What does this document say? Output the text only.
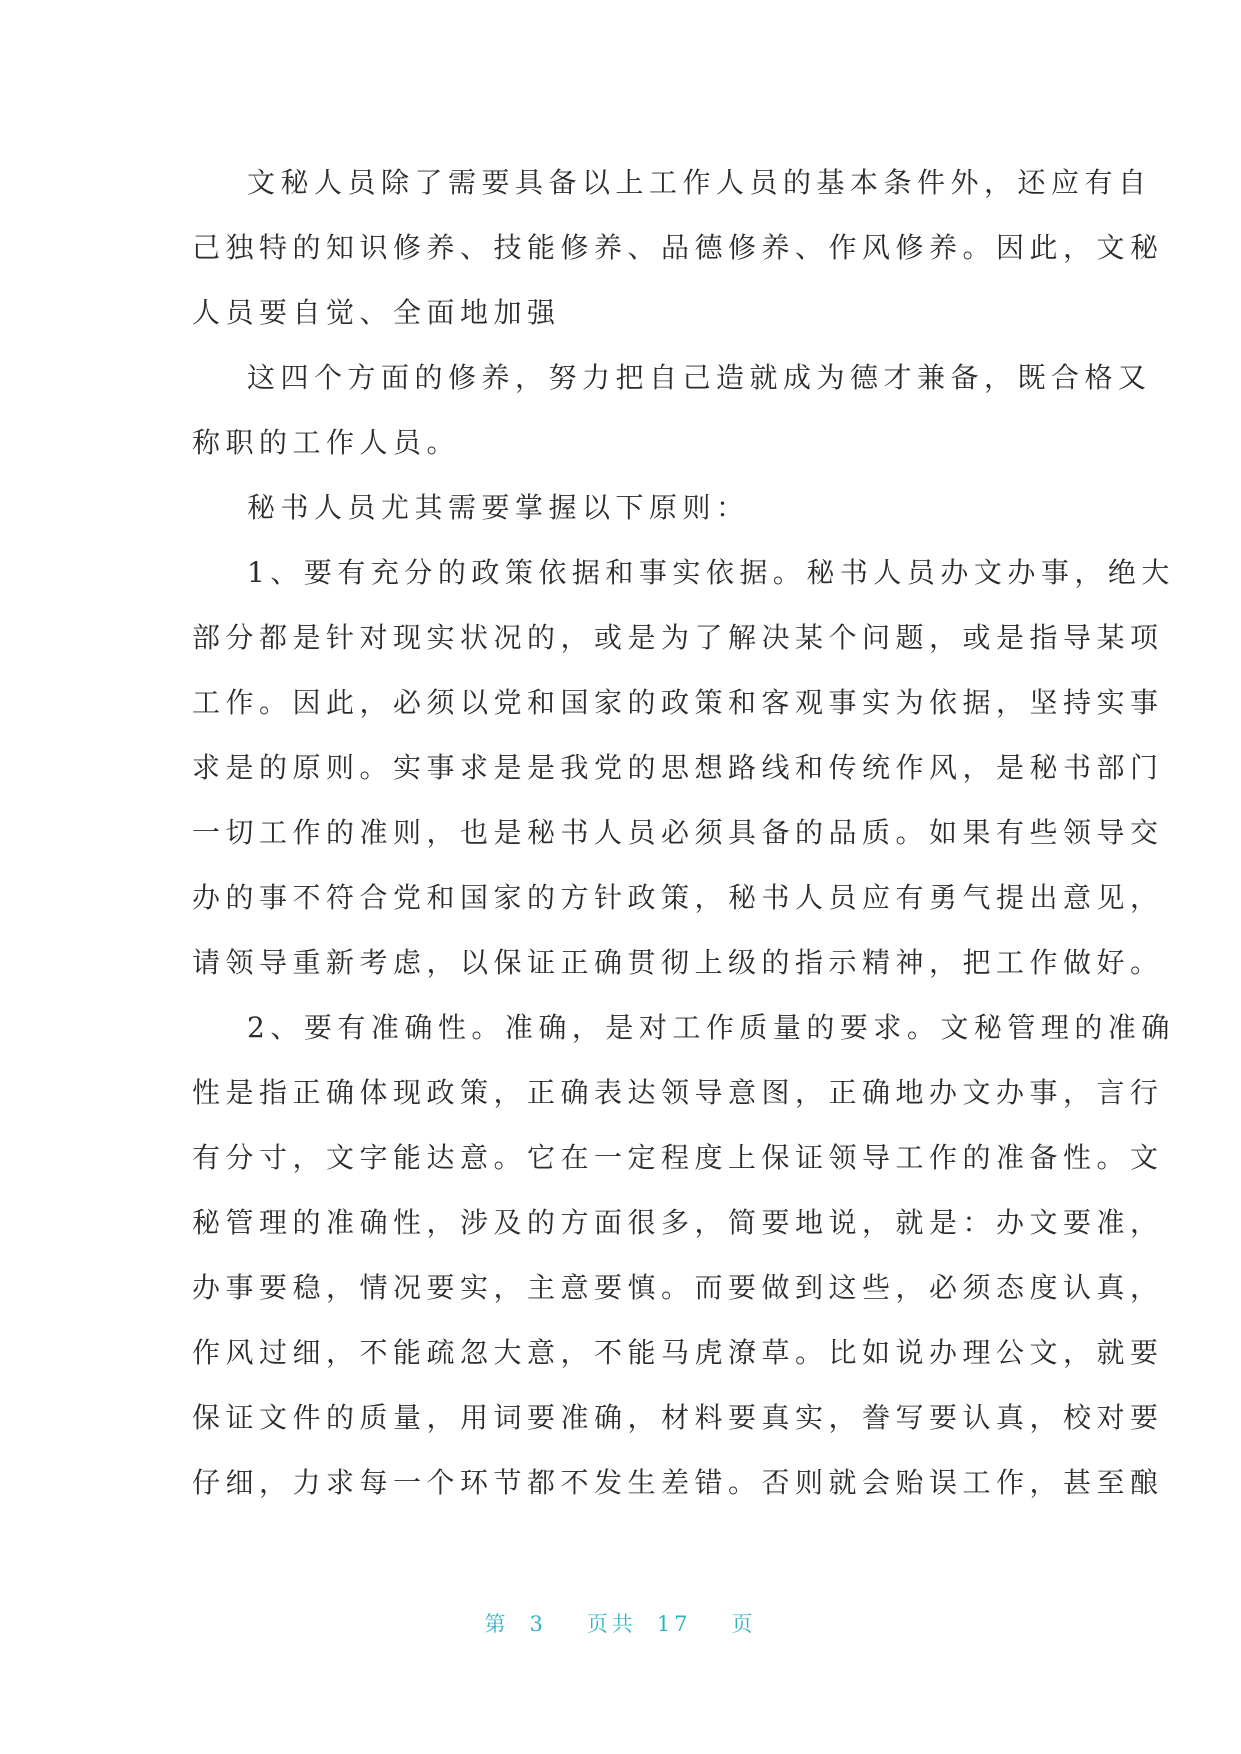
文秘人员除了需要具备以上工作人员的基本条件外，还应有自
己独特的知识修养、技能修养、品德修养、作风修养。因此，文秘
人员要自觉、全面地加强
这四个方面的修养，努力把自己造就成为德才兼备，既合格又
称职的工作人员。
秘书人员尤其需要掌握以下原则：
1、要有充分的政策依据和事实依据。秘书人员办文办事，绝大
部分都是针对现实状况的，或是为了解决某个问题，或是指导某项
工作。因此，必须以党和国家的政策和客观事实为依据，坚持实事
求是的原则。实事求是是我党的思想路线和传统作风，是秘书部门
一切工作的准则，也是秘书人员必须具备的品质。如果有些领导交
办的事不符合党和国家的方针政策，秘书人员应有勇气提出意见，
请领导重新考虑，以保证正确贯彻上级的指示精神，把工作做好。
2、要有准确性。准确，是对工作质量的要求。文秘管理的准确
性是指正确体现政策，正确表达领导意图，正确地办文办事，言行
有分寸，文字能达意。它在一定程度上保证领导工作的准备性。文
秘管理的准确性，涉及的方面很多，简要地说，就是：办文要准，
办事要稳，情况要实，主意要慎。而要做到这些，必须态度认真，
作风过细，不能疏忽大意，不能马虎潦草。比如说办理公文，就要
保证文件的质量，用词要准确，材料要真实，誊写要认真，校对要
仔细，力求每一个环节都不发生差错。否则就会贻误工作，甚至酿
第 3 页共 17 页
